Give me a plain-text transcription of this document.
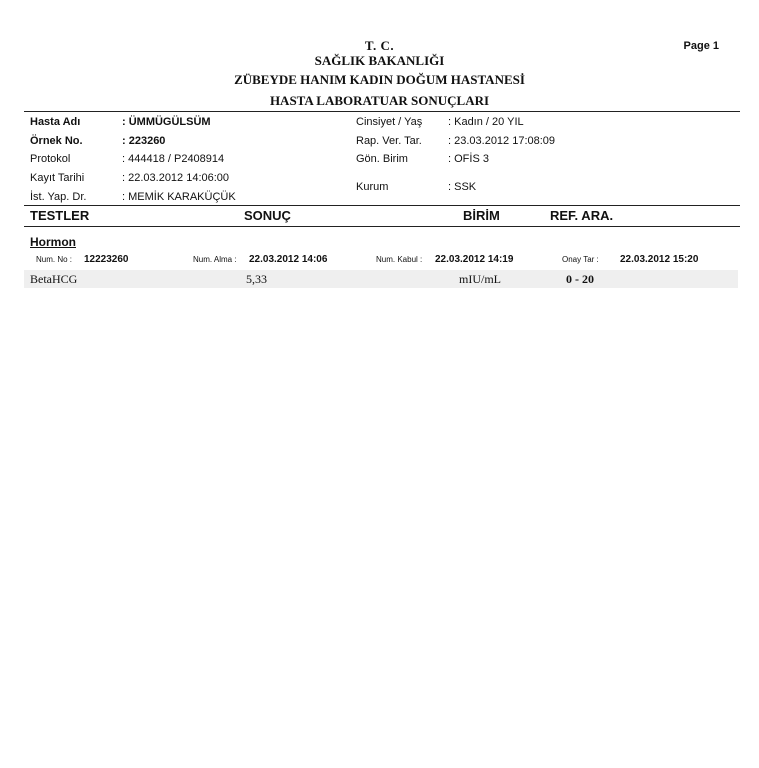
T. C.
SAĞLIK BAKANLIĞI
ZÜBEYDE HANIM KADIN DOĞUM HASTANESİ
HASTA LABORATUAR SONUÇLARI
Page 1
Hasta Adı	: ÜMMÜGÜLSÜM
Örnek No.	: 223260
Protokol	: 444418 / P2408914
Kayıt Tarihi	: 22.03.2012 14:06:00
İst. Yap. Dr.	: MEMİK KARAKÜÇÜK
Cinsiyet / Yaş : Kadın / 20 YIL
Rap. Ver. Tar. : 23.03.2012 17:08:09
Gön. Birim	: OFİS 3
Kurum	: SSK
TESTLER	SONUÇ	BİRİM	REF. ARA.
Hormon
Num. No : 12223260	Num. Alma : 22.03.2012 14:06	Num. Kabul : 22.03.2012 14:19	Onay Tar : 22.03.2012 15:20
BetaHCG	5,33	mIU/mL	0 - 20
